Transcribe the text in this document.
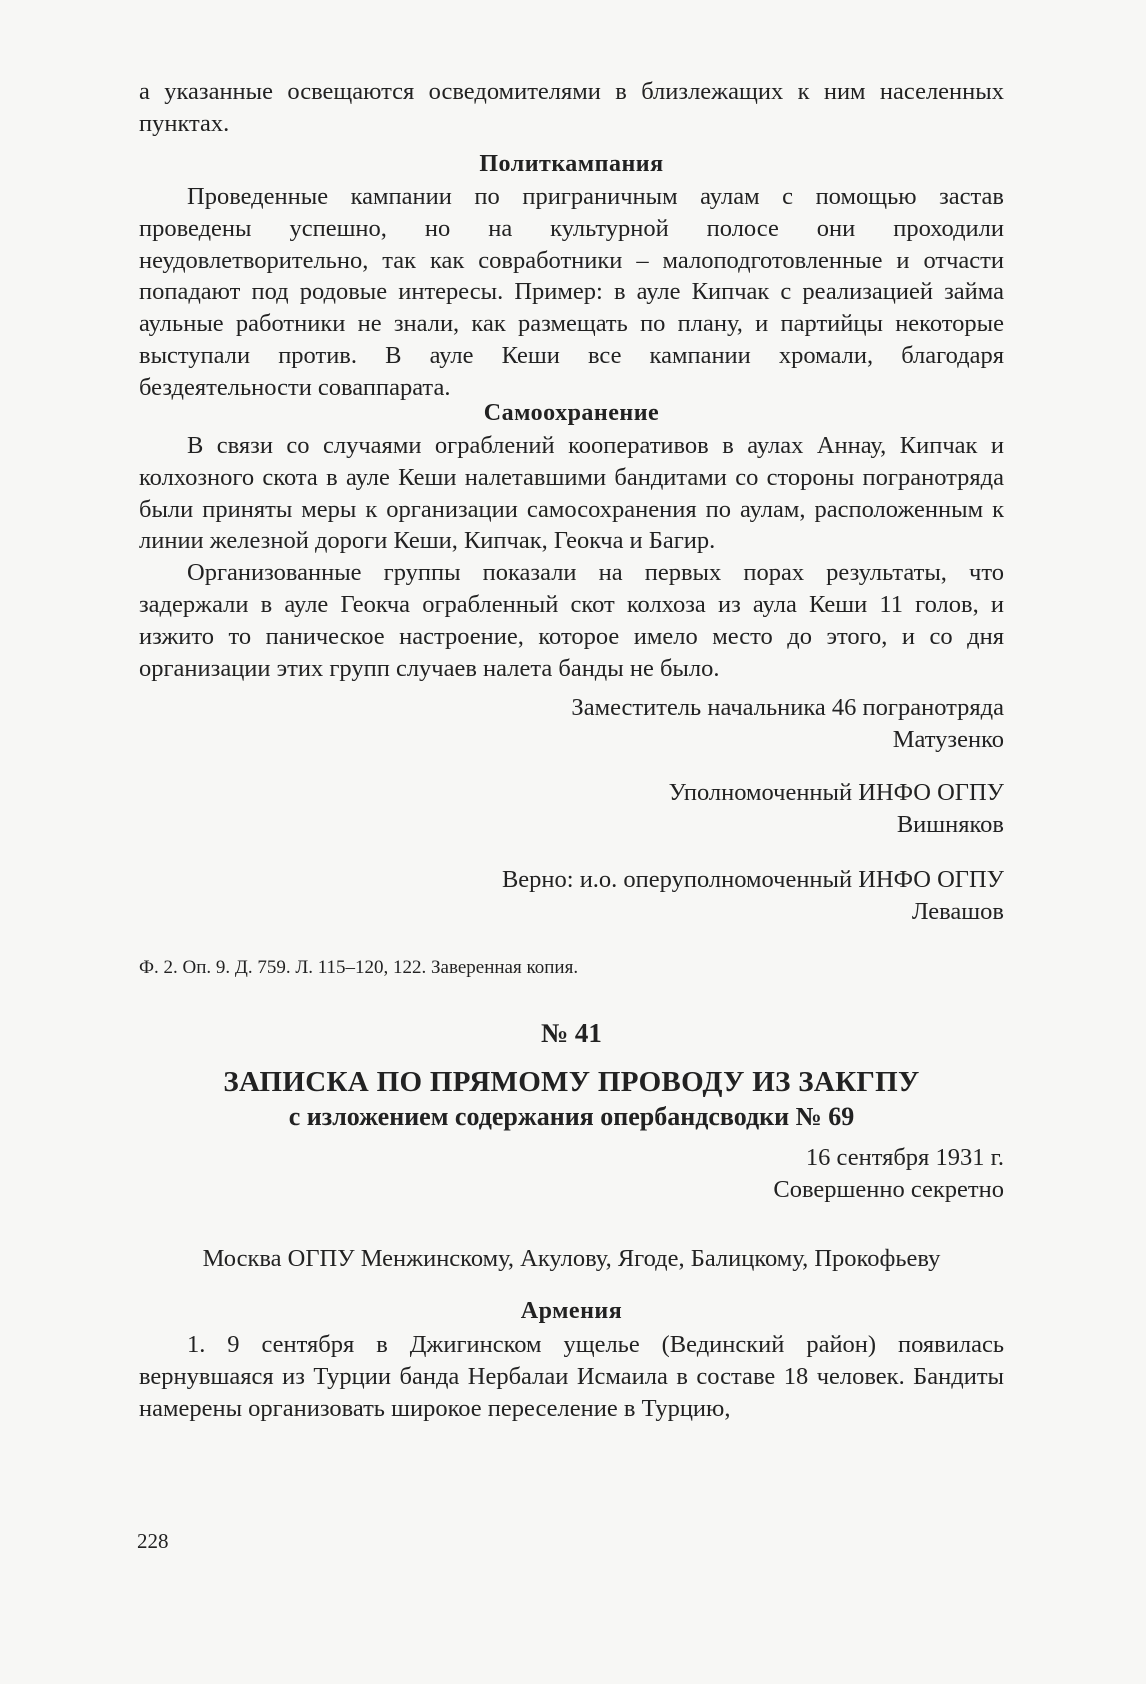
а указанные освещаются осведомителями в близлежащих к ним населенных пунктах.

Политкампания

Проведенные кампании по приграничным аулам с помощью застав проведены успешно, но на культурной полосе они проходили неудовлетворительно, так как совработники – малоподготовленные и отчасти попадают под родовые интересы. Пример: в ауле Кипчак с реализацией займа аульные работники не знали, как размещать по плану, и партийцы некоторые выступали против. В ауле Кеши все кампании хромали, благодаря бездеятельности соваппарата.

Самоохранение

В связи со случаями ограблений кооперативов в аулах Аннау, Кипчак и колхозного скота в ауле Кеши налетавшими бандитами со стороны погранотряда были приняты меры к организации самосохранения по аулам, расположенным к линии железной дороги Кеши, Кипчак, Геокча и Багир.

Организованные группы показали на первых порах результаты, что задержали в ауле Геокча ограбленный скот колхоза из аула Кеши 11 голов, и изжито то паническое настроение, которое имело место до этого, и со дня организации этих групп случаев налета банды не было.

Заместитель начальника 46 погранотряда

Матузенко

Уполномоченный ИНФО ОГПУ

Вишняков

Верно: и.о. оперуполномоченный ИНФО ОГПУ

Левашов

Ф. 2. Оп. 9. Д. 759. Л. 115–120, 122. Заверенная копия.
№ 41
ЗАПИСКА ПО ПРЯМОМУ ПРОВОДУ ИЗ ЗАКГПУ
с изложением содержания опербандсводки № 69

16 сентября 1931 г.

Совершенно секретно

Москва ОГПУ Менжинскому, Акулову, Ягоде, Балицкому, Прокофьеву

Армения

1. 9 сентября в Джигинском ущелье (Вединский район) появилась вернувшаяся из Турции банда Нербалаи Исмаила в составе 18 человек. Бандиты намерены организовать широкое переселение в Турцию,

228
